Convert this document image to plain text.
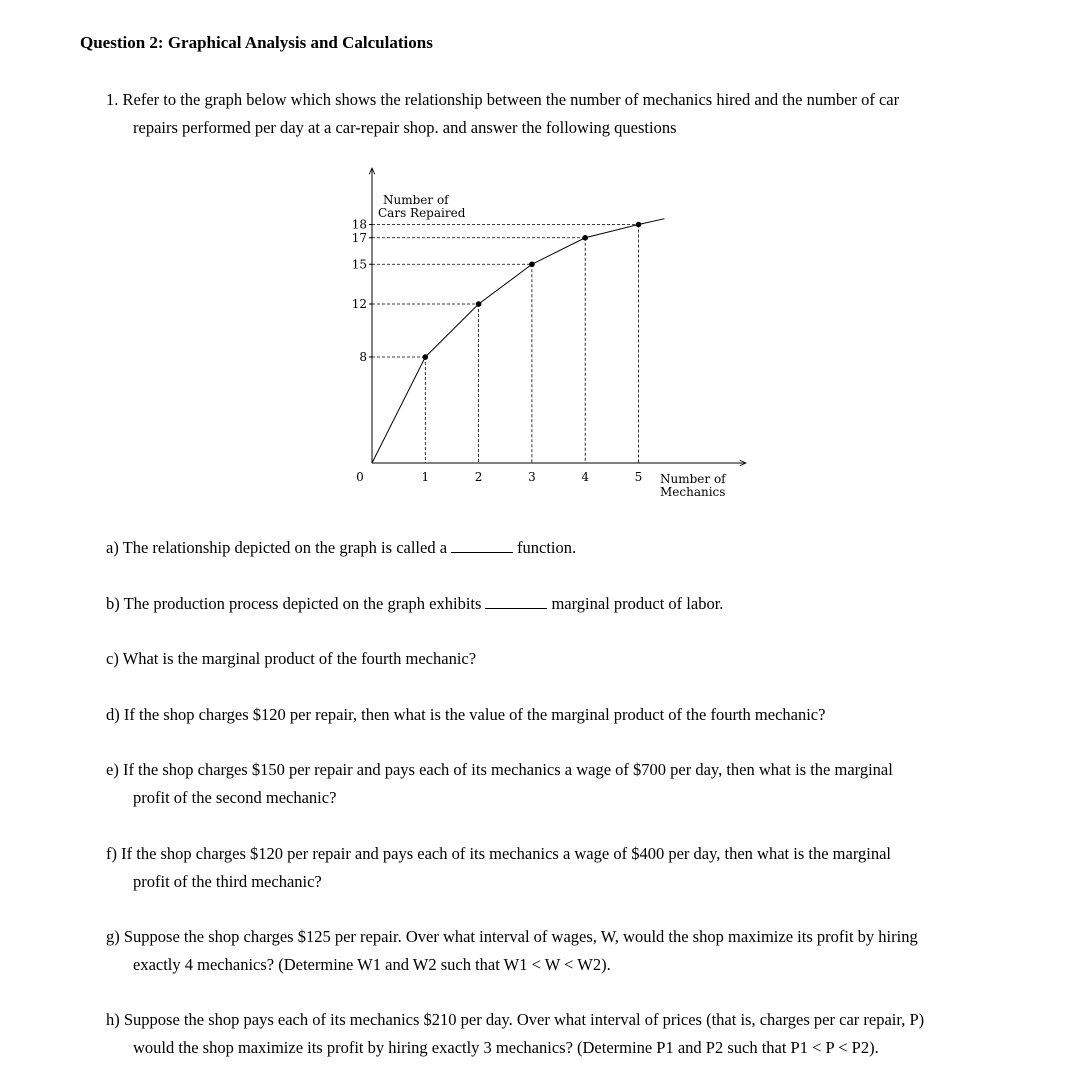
Question 2: Graphical Analysis and Calculations
1. Refer to the graph below which shows the relationship between the number of mechanics hired and the number of car
repairs performed per day at a car-repair shop. and answer the following questions
8
12
15
17
18
0	1	2	3	4	5
Number of
Cars Repaired
Number of
Mechanics
a) The relationship depicted on the graph is called a	function.
b) The production process depicted on the graph exhibits	marginal product of labor.
c) What is the marginal product of the fourth mechanic?
d) If the shop charges $120 per repair, then what is the value of the marginal product of the fourth mechanic?
e) If the shop charges $150 per repair and pays each of its mechanics a wage of $700 per day, then what is the marginal
profit of the second mechanic?
f) If the shop charges $120 per repair and pays each of its mechanics a wage of $400 per day, then what is the marginal
profit of the third mechanic?
g) Suppose the shop charges $125 per repair. Over what interval of wages, W, would the shop maximize its profit by hiring
exactly 4 mechanics? (Determine W1 and W2 such that W1 < W < W2).
h) Suppose the shop pays each of its mechanics $210 per day. Over what interval of prices (that is, charges per car repair, P)
would the shop maximize its profit by hiring exactly 3 mechanics? (Determine P1 and P2 such that P1 < P < P2).
